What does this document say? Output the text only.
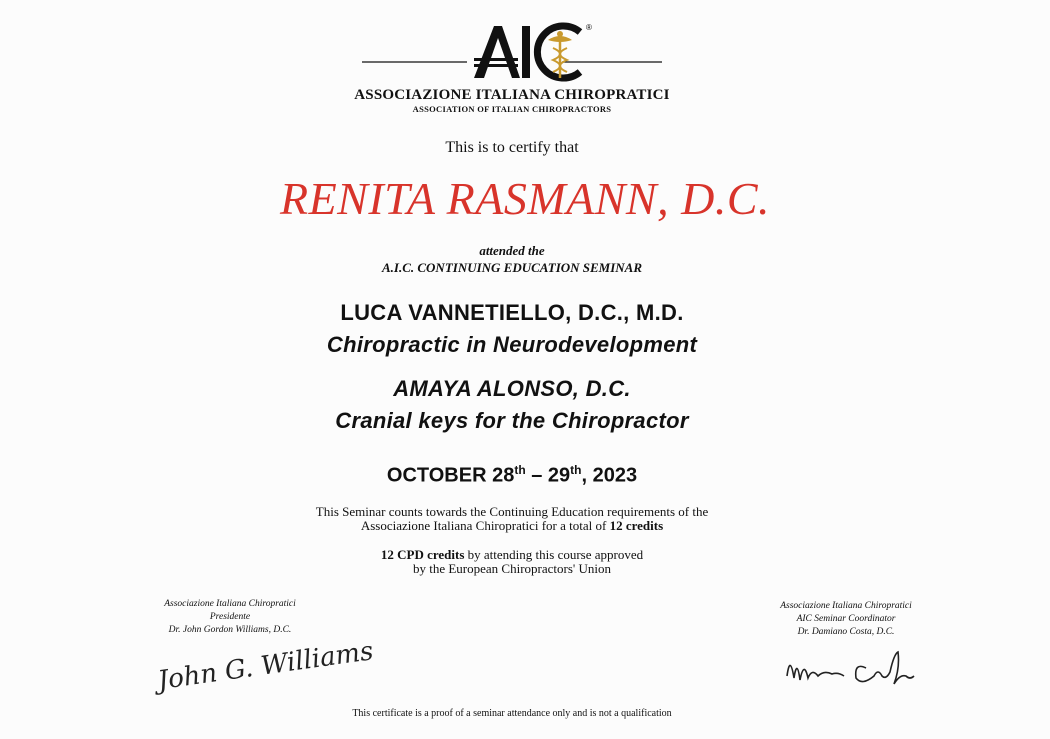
®
ASSOCIAZIONE ITALIANA CHIROPRATICI
ASSOCIATION OF ITALIAN CHIROPRACTORS
This is to certify that
RENITA RASMANN, D.C.
attended the
A.I.C. CONTINUING EDUCATION SEMINAR
LUCA VANNETIELLO, D.C., M.D.
Chiropractic in Neurodevelopment
AMAYA ALONSO, D.C.
Cranial keys for the Chiropractor
OCTOBER 28th – 29th, 2023
This Seminar counts towards the Continuing Education requirements of the
Associazione Italiana Chiropratici for a total of 12 credits
12 CPD credits by attending this course approved
by the European Chiropractors' Union
Associazione Italiana Chiropratici
Presidente
Dr. John Gordon Williams, D.C.
John G. Williams
Associazione Italiana Chiropratici
AIC Seminar Coordinator
Dr. Damiano Costa, D.C.
This certificate is a proof of a seminar attendance only and is not a qualification
